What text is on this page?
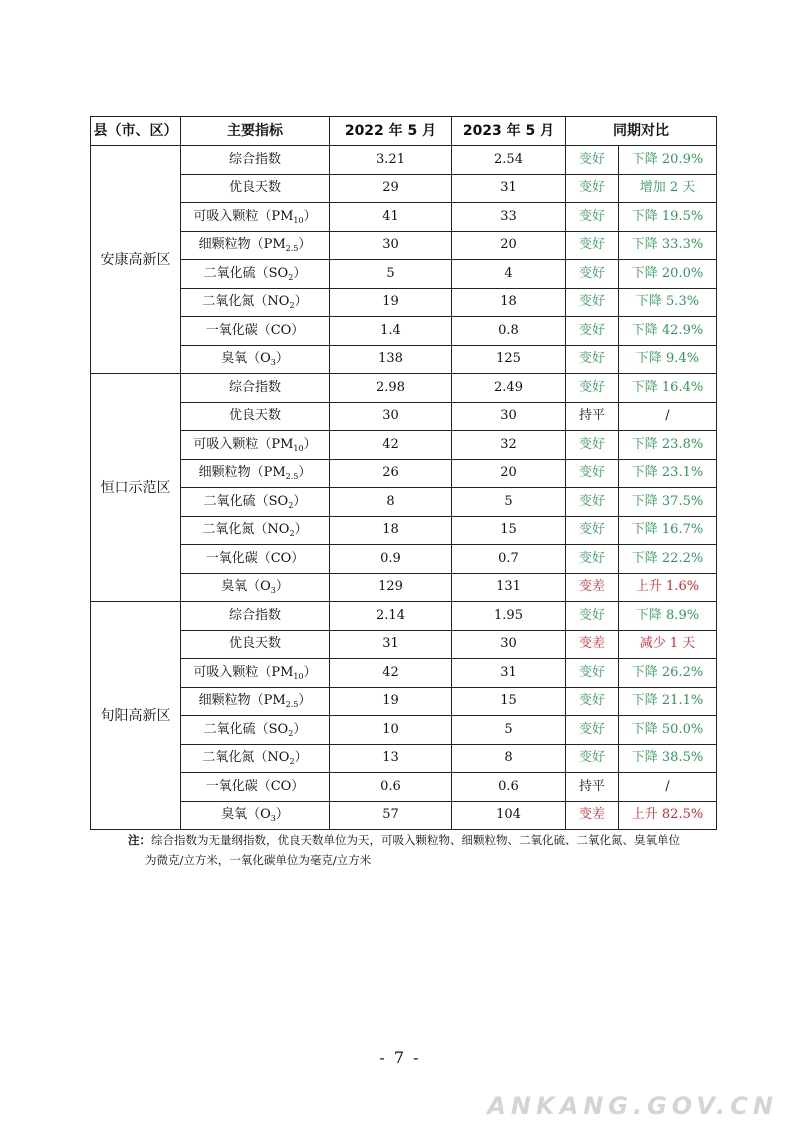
县（市、区）	主要指标	2022 年 5 月	2023 年 5 月	同期对比	
安康高新区	综合指数	3.21	2.54	变好	下降 20.9%
	优良天数	29	31	变好	增加 2 天
	可吸入颗粒$(PM_{10})$	41	33	变好	下降 19.5%
	细颗粒物$(PM_{2.5})$	30	20	变好	下降 33.3%
	二氧化硫$(SO_2)$	5	4	变好	下降 20.0%
	二氧化氮$(NO_2)$	19	18	变好	下降 5.3%
	一氧化碳（CO）	1.4	0.8	变好	下降 42.9%
	臭氧$(O_3)$	138	125	变好	下降 9.4%
恒口示范区	综合指数	2.98	2.49	变好	下降 16.4%
	优良天数	30	30	持平	/
	可吸入颗粒$(PM_{10})$	42	32	变好	下降 23.8%
	细颗粒物$(PM_{2.5})$	26	20	变好	下降 23.1%
	二氧化硫$(SO_2)$	8	5	变好	下降 37.5%
	二氧化氮$(NO_2)$	18	15	变好	下降 16.7%
	一氧化碳（CO）	0.9	0.7	变好	下降 22.2%
	臭氧$(O_3)$	129	131	变差	上升 1.6%
旬阳高新区	综合指数	2.14	1.95	变好	下降 8.9%
	优良天数	31	30	变差	减少 1 天
	可吸入颗粒$(PM_{10})$	42	31	变好	下降 26.2%
	细颗粒物$(PM_{2.5})$	19	15	变好	下降 21.1%
	二氧化硫$(SO_2)$	10	5	变好	下降 50.0%
	二氧化氮$(NO_2)$	13	8	变好	下降 38.5%
	一氧化碳（CO）	0.6	0.6	持平	/
	臭氧$(O_3)$	57	104	变差	上升 82.5%
注：综合指数为无量纲指数，优良天数单位为天，可吸入颗粒物、细颗粒物、二氧化硫、二氧化氮、臭氧单位
为微克/立方米，一氧化碳单位为毫克/立方米
- 7 -
ANKANG.GOV.CN
